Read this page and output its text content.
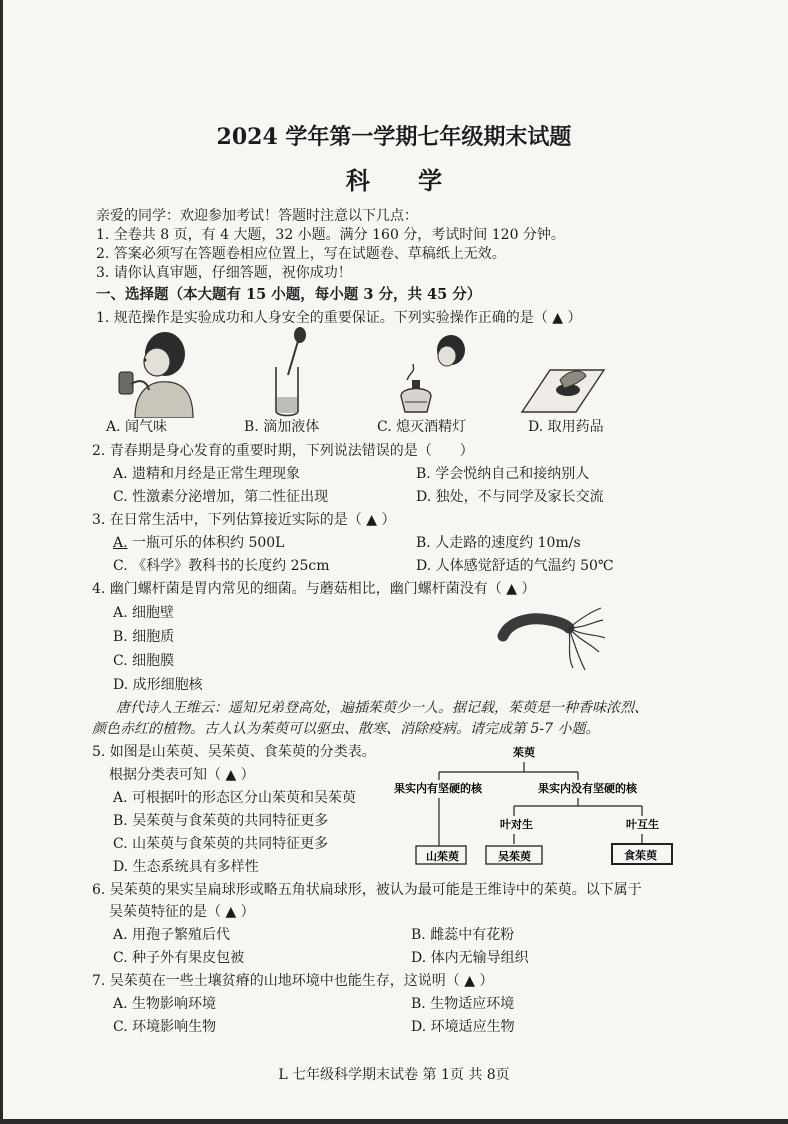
2024 学年第一学期七年级期末试题
科 学
亲爱的同学：欢迎参加考试！答题时注意以下几点：
1. 全卷共 8 页，有 4 大题，32 小题。满分 160 分，考试时间 120 分钟。
2. 答案必须写在答题卷相应位置上，写在试题卷、草稿纸上无效。
3. 请你认真审题，仔细答题，祝你成功！
一、选择题（本大题有 15 小题，每小题 3 分，共 45 分）
1. 规范操作是实验成功和人身安全的重要保证。下列实验操作正确的是（ ▲ ）
A. 闻气味	B. 滴加液体	C. 熄灭酒精灯	D. 取用药品
2. 青春期是身心发育的重要时期，下列说法错误的是（　　）
A. 遗精和月经是正常生理现象	B. 学会悦纳自己和接纳别人
C. 性激素分泌增加，第二性征出现	D. 独处，不与同学及家长交流
3. 在日常生活中，下列估算接近实际的是（ ▲ ）
A. 一瓶可乐的体积约 500L	B. 人走路的速度约 10m/s
C. 《科学》教科书的长度约 25cm	D. 人体感觉舒适的气温约 50℃
4. 幽门螺杆菌是胃内常见的细菌。与蘑菇相比，幽门螺杆菌没有（ ▲ ）
A. 细胞壁
B. 细胞质
C. 细胞膜
D. 成形细胞核
唐代诗人王维云：遥知兄弟登高处，遍插茱萸少一人。据记载，茱萸是一种香味浓烈、
颜色赤红的植物。古人认为茱萸可以驱虫、散寒、消除疫病。请完成第 5-7 小题。
5. 如图是山茱萸、吴茱萸、食茱萸的分类表。
根据分类表可知（ ▲ ）
A. 可根据叶的形态区分山茱萸和吴茱萸
B. 吴茱萸与食茱萸的共同特征更多
C. 山茱萸与食茱萸的共同特征更多
D. 生态系统具有多样性
茱萸
果实内有坚硬的核	果实内没有坚硬的核
叶对生	叶互生
山茱萸	吴茱萸	食茱萸
6. 吴茱萸的果实呈扁球形或略五角状扁球形，被认为最可能是王维诗中的茱萸。以下属于
吴茱萸特征的是（ ▲ ）
A. 用孢子繁殖后代	B. 雌蕊中有花粉
C. 种子外有果皮包被	D. 体内无输导组织
7. 吴茱萸在一些土壤贫瘠的山地环境中也能生存，这说明（ ▲ ）
A. 生物影响环境	B. 生物适应环境
C. 环境影响生物	D. 环境适应生物
L 七年级科学期末试卷 第 1页 共 8页
